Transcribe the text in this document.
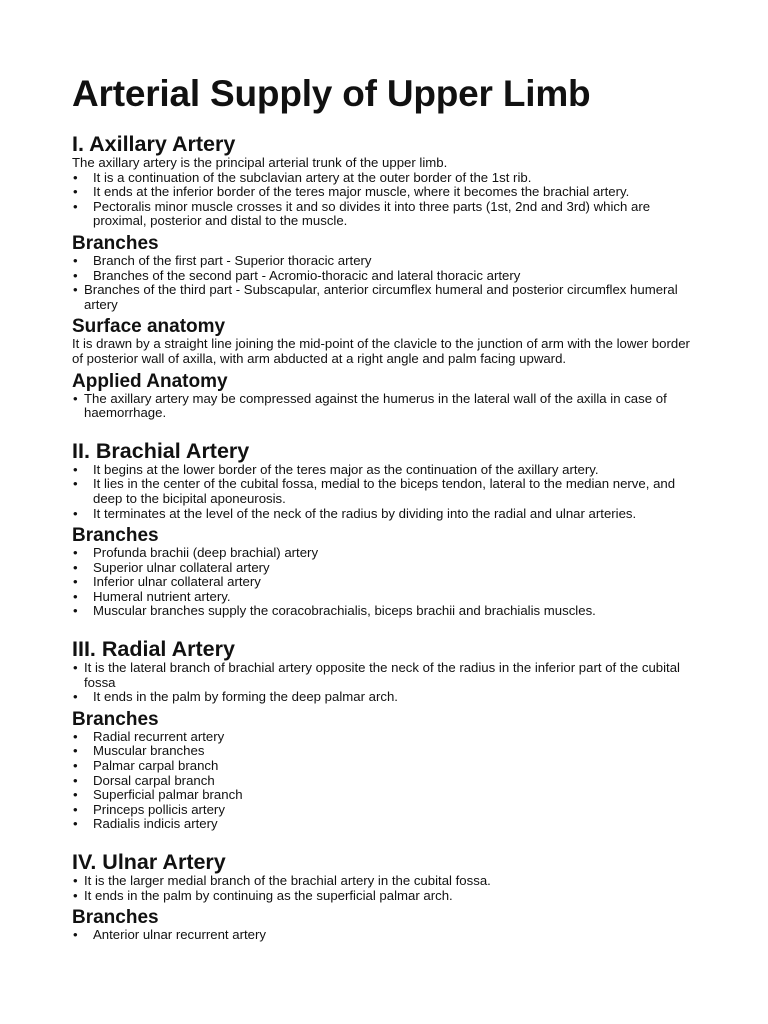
Arterial Supply of Upper Limb
I. Axillary Artery

The axillary artery is the principal arterial trunk of the upper limb.

• It is a continuation of the subclavian artery at the outer border of the 1st rib.
• It ends at the inferior border of the teres major muscle, where it becomes the brachial artery.
• Pectoralis minor muscle crosses it and so divides it into three parts (1st, 2nd and 3rd) which are proximal, posterior and distal to the muscle.
Branches
• Branch of the first part - Superior thoracic artery
• Branches of the second part - Acromio-thoracic and lateral thoracic artery
• Branches of the third part - Subscapular, anterior circumflex humeral and posterior circumflex humeral artery
Surface anatomy

It is drawn by a straight line joining the mid-point of the clavicle to the junction of arm with the lower border of posterior wall of axilla, with arm abducted at a right angle and palm facing upward.

Applied Anatomy
• The axillary artery may be compressed against the humerus in the lateral wall of the axilla in case of haemorrhage.
II. Brachial Artery
• It begins at the lower border of the teres major as the continuation of the axillary artery.
• It lies in the center of the cubital fossa, medial to the biceps tendon, lateral to the median nerve, and deep to the bicipital aponeurosis.
• It terminates at the level of the neck of the radius by dividing into the radial and ulnar arteries.
Branches
• Profunda brachii (deep brachial) artery
• Superior ulnar collateral artery
• Inferior ulnar collateral artery
• Humeral nutrient artery.
• Muscular branches supply the coracobrachialis, biceps brachii and brachialis muscles.
III. Radial Artery
• It is the lateral branch of brachial artery opposite the neck of the radius in the inferior part of the cubital fossa
• It ends in the palm by forming the deep palmar arch.
Branches
• Radial recurrent artery
• Muscular branches
• Palmar carpal branch
• Dorsal carpal branch
• Superficial palmar branch
• Princeps pollicis artery
• Radialis indicis artery
IV. Ulnar Artery
• It is the larger medial branch of the brachial artery in the cubital fossa.
• It ends in the palm by continuing as the superficial palmar arch.
Branches
• Anterior ulnar recurrent artery
